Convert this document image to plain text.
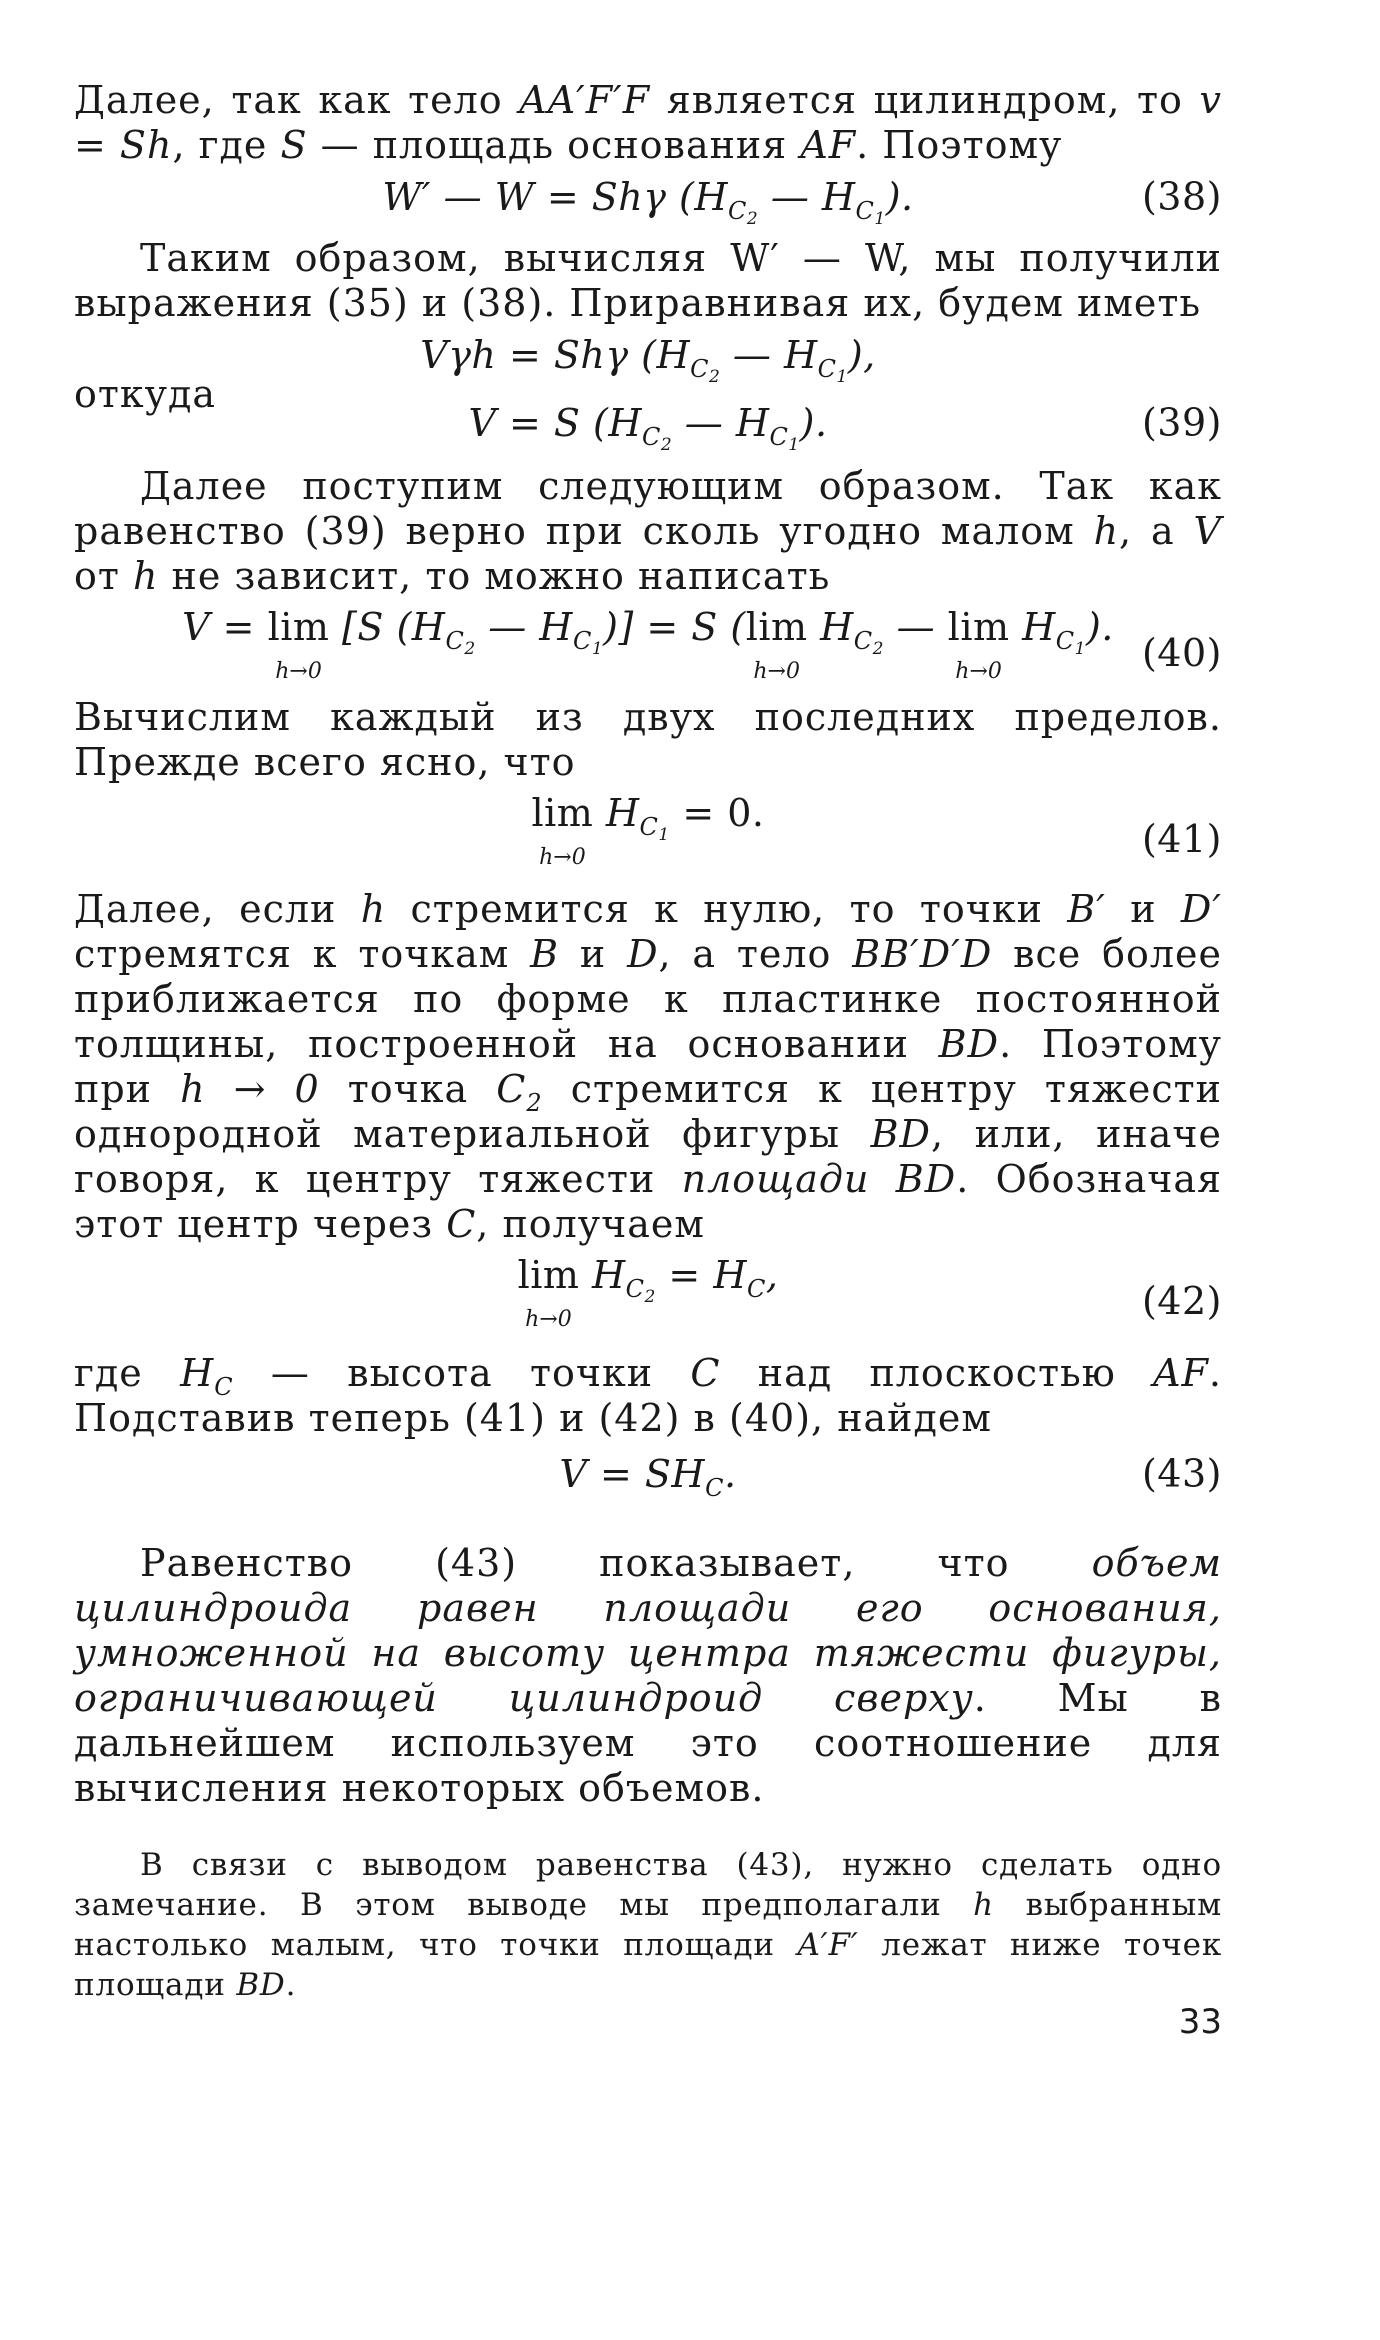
Далее, так как тело AA′F′F является цилиндром, то v = Sh, где S — площадь основания AF. Поэтому

W′ — W = Shγ ($H_{C_2}$ — $H_{C_1}$).	(38)

Таким образом, вычисляя W′ — W, мы получили выражения (35) и (38). Приравнивая их, будем иметь

Vγh = Shγ ($H_{C_2}$ — $H_{C_1}$),
откуда
V = S ($H_{C_2}$ — $H_{C_1}$).	(39)

Далее поступим следующим образом. Так как равенство (39) верно при сколь угодно малом h, а V от h не зависит, то можно написать

V = lim
h→0
[S ($H_{C_2}$ — $H_{C_1})] = S$ (lim
h→0
$H_{C_2}$ — lim
h→0
$H_{C_1}$).
(40)

Вычислим каждый из двух последних пределов. Прежде всего ясно, что

lim
h→0
$H_{C_1} = 0$.
(41)

Далее, если h стремится к нулю, то точки B′ и D′ стремятся к точкам B и D, а тело BB′D′D все более приближается по форме к пластинке постоянной толщины, построенной на основании BD. Поэтому при h → 0 точка $C_2$ стремится к центру тяжести однородной материальной фигуры BD, или, иначе говоря, к центру тяжести площади BD. Обозначая этот центр через C, получаем

lim
h→0
$H_{C_2} = H_C$,
(42)

где $H_C$ — высота точки C над плоскостью AF. Подставив теперь (41) и (42) в (40), найдем

$V = SH_C$.	(43)

Равенство (43) показывает, что объем цилиндроида равен площади его основания, умноженной на высоту центра тяжести фигуры, ограничивающей цилиндроид сверху. Мы в дальнейшем используем это соотношение для вычисления некоторых объемов.

В связи с выводом равенства (43), нужно сделать одно замечание. В этом выводе мы предполагали h выбранным настолько малым, что точки площади A′F′ лежат ниже точек площади BD.

33
